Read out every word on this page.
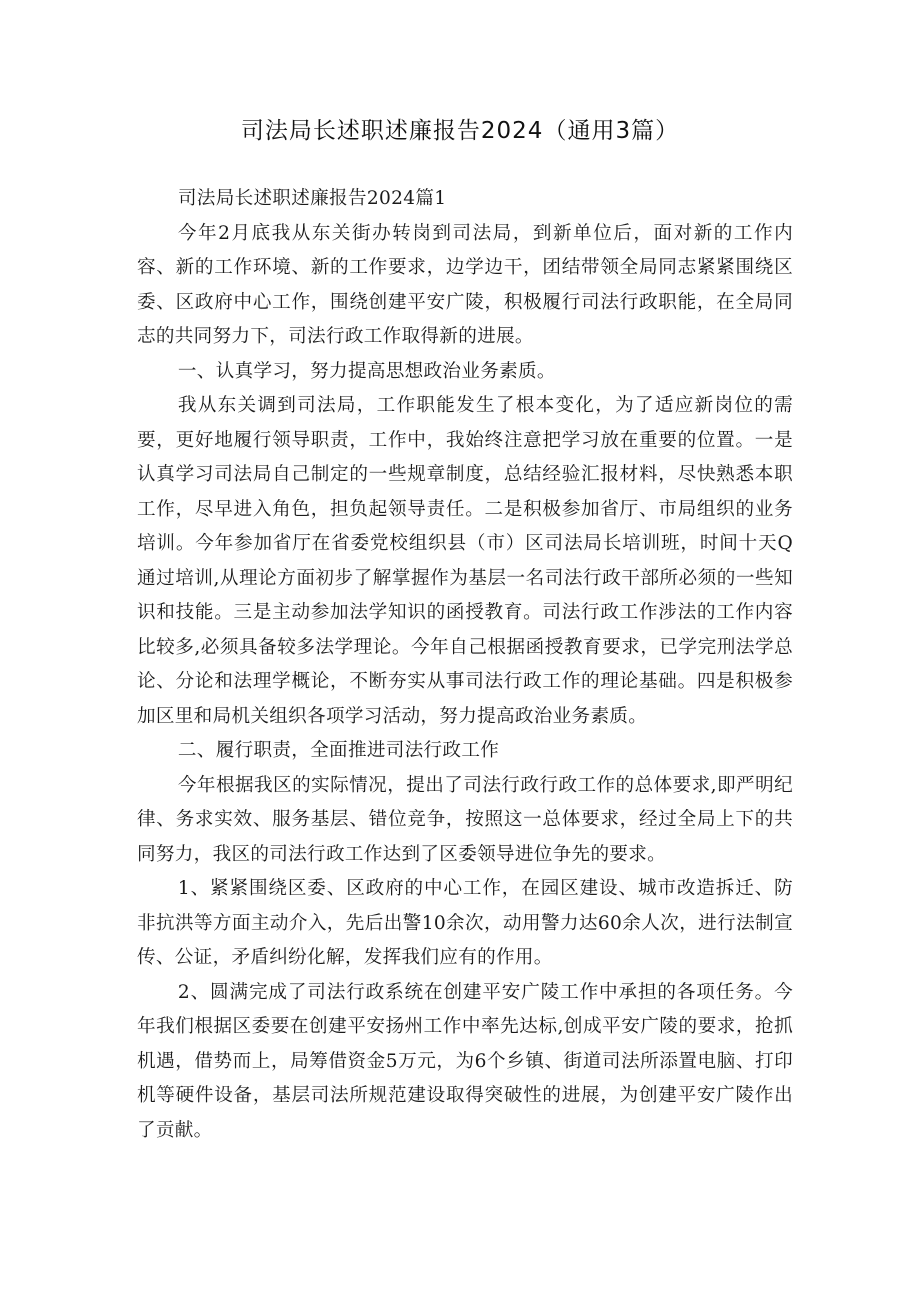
司法局长述职述廉报告2024（通用3篇）

司法局长述职述廉报告2024篇1

今年2月底我从东关街办转岗到司法局，到新单位后，面对新的工作内容、新的工作环境、新的工作要求，边学边干，团结带领全局同志紧紧围绕区委、区政府中心工作，围绕创建平安广陵，积极履行司法行政职能，在全局同志的共同努力下，司法行政工作取得新的进展。

一、认真学习，努力提高思想政治业务素质。

我从东关调到司法局，工作职能发生了根本变化，为了适应新岗位的需要，更好地履行领导职责，工作中，我始终注意把学习放在重要的位置。一是认真学习司法局自己制定的一些规章制度，总结经验汇报材料，尽快熟悉本职工作，尽早进入角色，担负起领导责任。二是积极参加省厅、市局组织的业务培训。今年参加省厅在省委党校组织县（市）区司法局长培训班，时间十天Q通过培训,从理论方面初步了解掌握作为基层一名司法行政干部所必须的一些知识和技能。三是主动参加法学知识的函授教育。司法行政工作涉法的工作内容比较多,必须具备较多法学理论。今年自己根据函授教育要求，已学完刑法学总论、分论和法理学概论，不断夯实从事司法行政工作的理论基础。四是积极参加区里和局机关组织各项学习活动，努力提高政治业务素质。

二、履行职责，全面推进司法行政工作

今年根据我区的实际情况，提出了司法行政行政工作的总体要求,即严明纪律、务求实效、服务基层、错位竞争，按照这一总体要求，经过全局上下的共同努力，我区的司法行政工作达到了区委领导进位争先的要求。

1、紧紧围绕区委、区政府的中心工作，在园区建设、城市改造拆迁、防非抗洪等方面主动介入，先后出警10余次，动用警力达60余人次，进行法制宣传、公证，矛盾纠纷化解，发挥我们应有的作用。

2、圆满完成了司法行政系统在创建平安广陵工作中承担的各项任务。今年我们根据区委要在创建平安扬州工作中率先达标,创成平安广陵的要求，抢抓机遇，借势而上，局筹借资金5万元，为6个乡镇、街道司法所添置电脑、打印机等硬件设备，基层司法所规范建设取得突破性的进展，为创建平安广陵作出了贡献。
